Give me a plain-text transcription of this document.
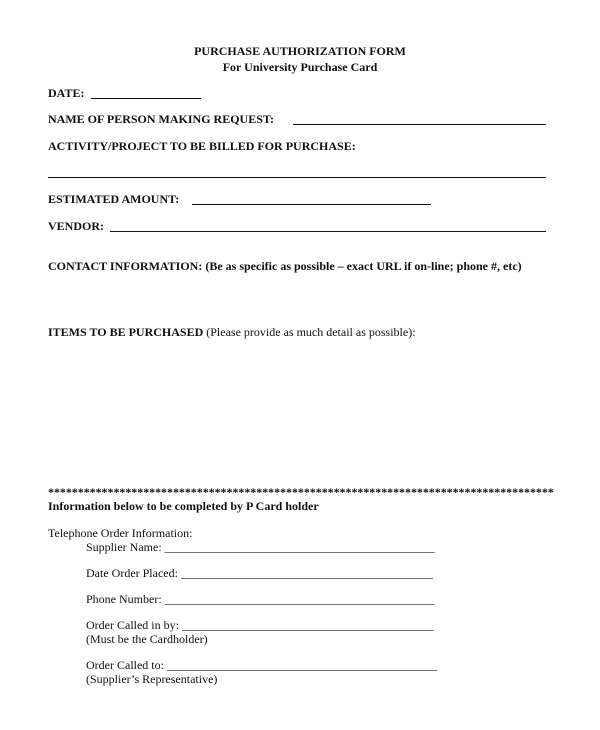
PURCHASE AUTHORIZATION FORM
For University Purchase Card
DATE:
NAME OF PERSON MAKING REQUEST:
ACTIVITY/PROJECT TO BE BILLED FOR PURCHASE:
ESTIMATED AMOUNT:
VENDOR:
CONTACT INFORMATION: (Be as specific as possible – exact URL if on-line; phone #, etc)
ITEMS TO BE PURCHASED (Please provide as much detail as possible):
*************************************************************************************
Information below to be completed by P Card holder
Telephone Order Information:
Supplier Name: _____________________________________________
Date Order Placed: __________________________________________
Phone Number: _____________________________________________
Order Called in by: __________________________________________
(Must be the Cardholder)
Order Called to: _____________________________________________
(Supplier’s Representative)
